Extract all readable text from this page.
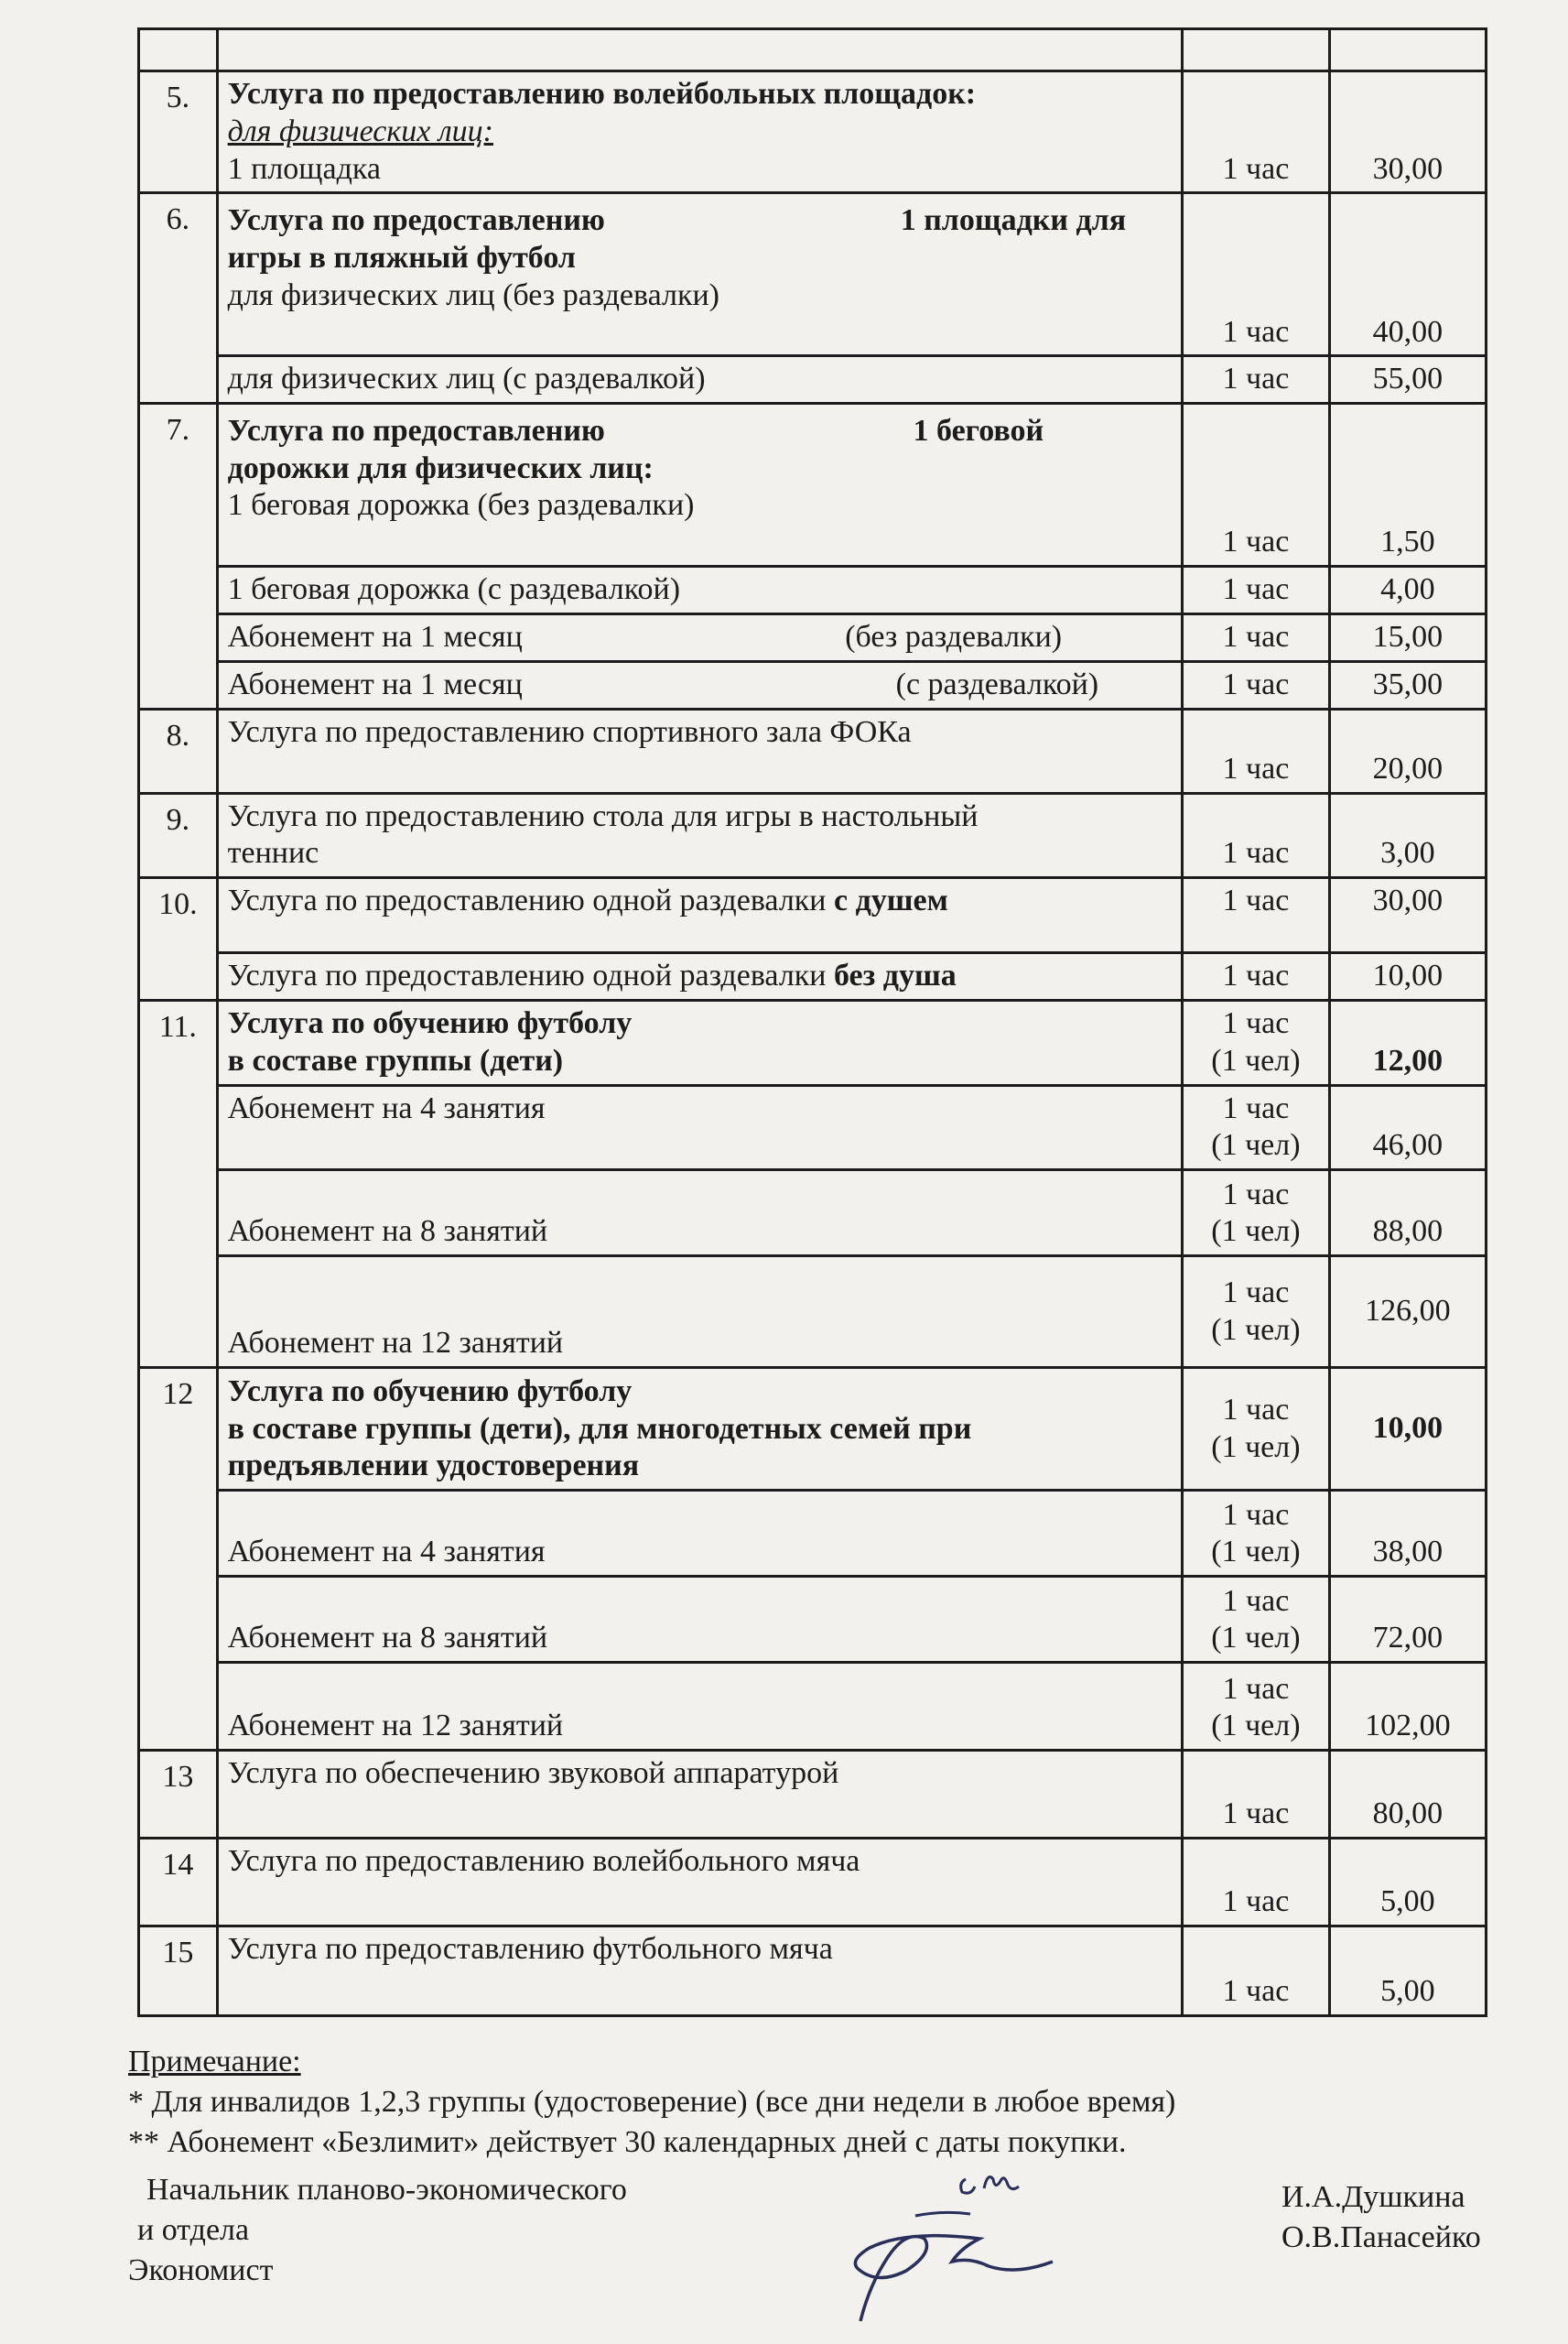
5.	Услуга по предоставлению волейбольных площадок:
для физических лиц:
1 площадка	1 час	30,00
6.	Услуга по предоставлению 1 площадки для
игры в пляжный футбол
для физических лиц (без раздевалки)	1 час	40,00
	для физических лиц (с раздевалкой)	1 час	55,00
7.	Услуга по предоставлению 1 беговой
дорожки для физических лиц:
1 беговая дорожка (без раздевалки)	1 час	1,50
	1 беговая дорожка (с раздевалкой)	1 час	4,00

	Абонемент на 1 месяц (без раздевалки)	1 час	15,00

	Абонемент на 1 месяц (с раздевалкой)	1 час	35,00
8.	Услуга по предоставлению спортивного зала ФОКа	1 час	20,00
9.	Услуга по предоставлению стола для игры в настольный
теннис	1 час	3,00
10.	Услуга по предоставлению одной раздевалки с душем	1 час	30,00
	Услуга по предоставлению одной раздевалки без душа	1 час	10,00
11.	Услуга по обучению футболу
в составе группы (дети)	1 час
(1 чел)	12,00
	Абонемент на 4 занятия	1 час
(1 чел)	46,00
	Абонемент на 8 занятий	1 час
(1 чел)	88,00
	Абонемент на 12 занятий	1 час
(1 чел)	126,00
12	Услуга по обучению футболу
в составе группы (дети), для многодетных семей при
предъявлении удостоверения	1 час
(1 чел)	10,00
	Абонемент на 4 занятия	1 час
(1 чел)	38,00
	Абонемент на 8 занятий	1 час
(1 чел)	72,00
	Абонемент на 12 занятий	1 час
(1 чел)	102,00
13	Услуга по обеспечению звуковой аппаратурой	1 час	80,00
14	Услуга по предоставлению волейбольного мяча	1 час	5,00
15	Услуга по предоставлению футбольного мяча	1 час	5,00
Примечание:
* Для инвалидов 1,2,3 группы (удостоверение) (все дни недели в любое время)
** Абонемент «Безлимит» действует 30 календарных дней с даты покупки.
Начальник планово-экономического
и отдела
Экономист
И.А.Душкина
О.В.Панасейко
